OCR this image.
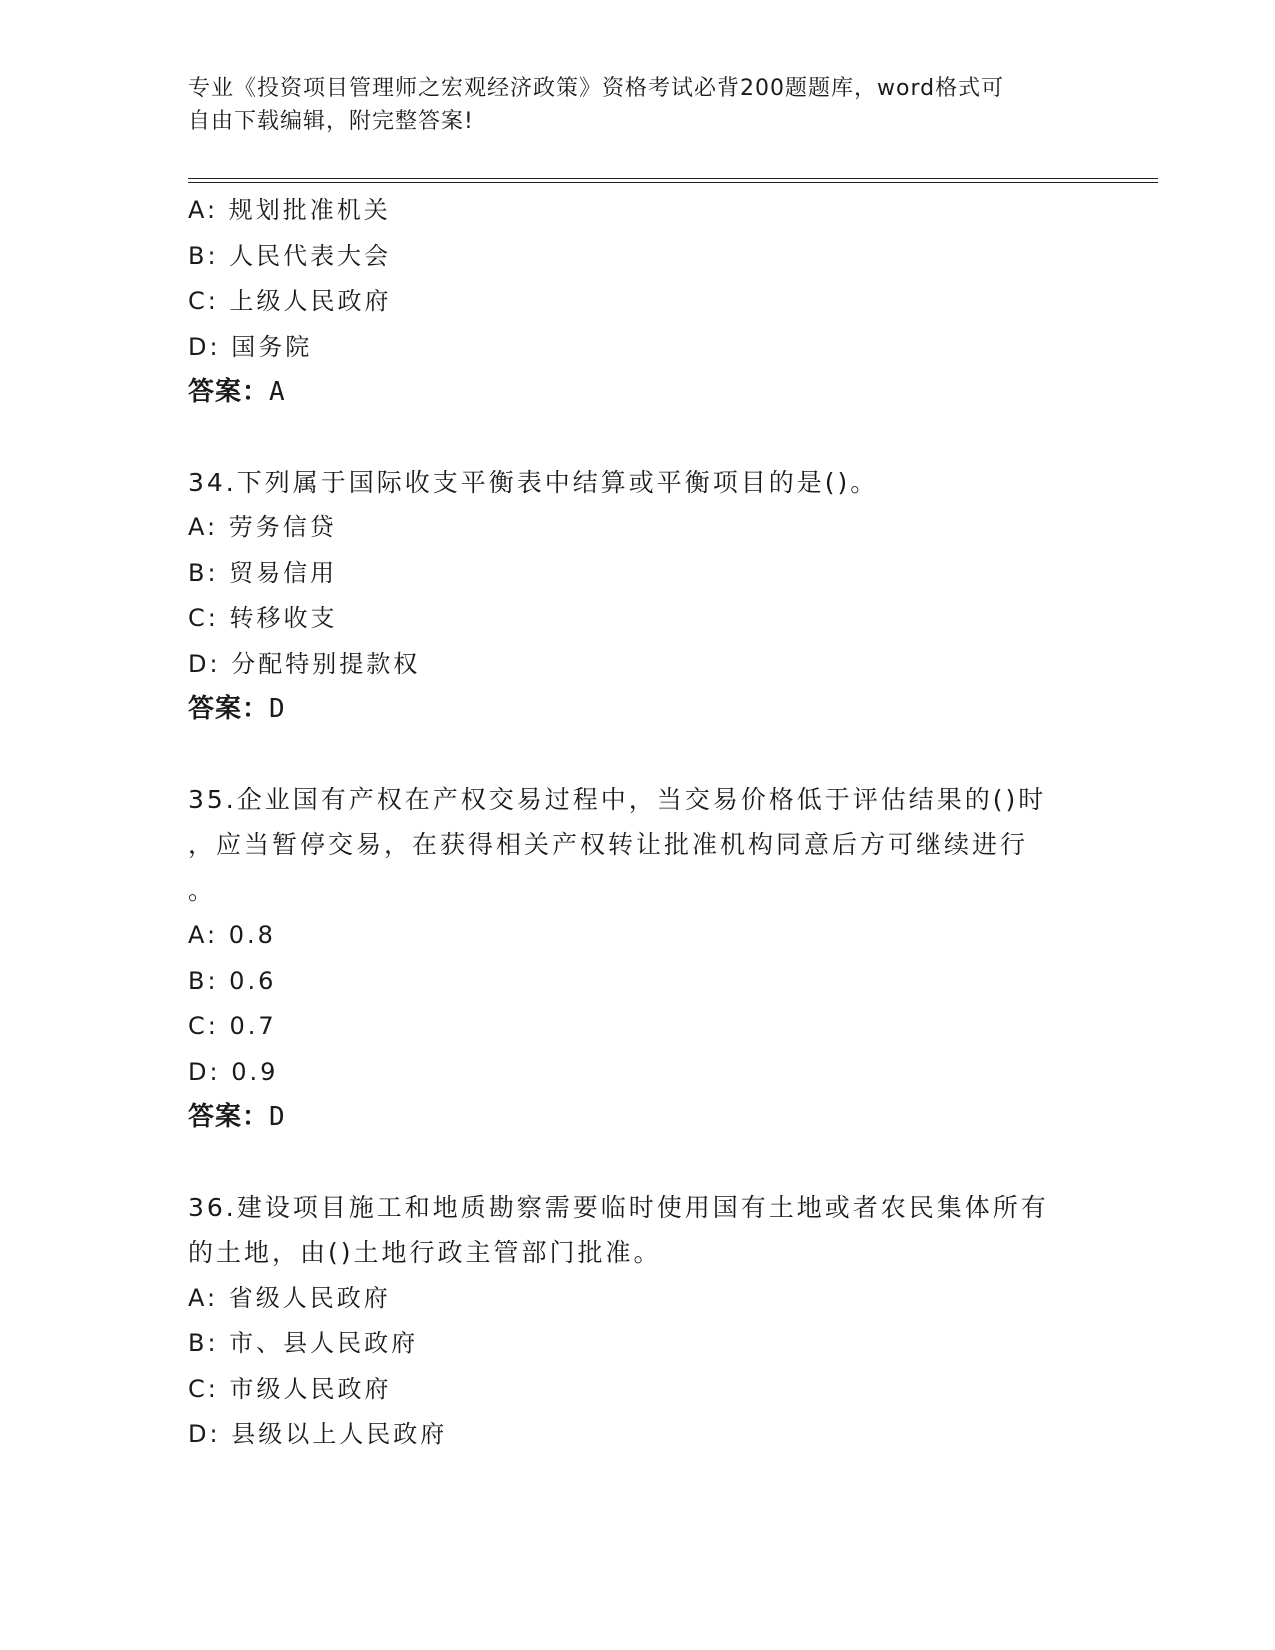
专业《投资项目管理师之宏观经济政策》资格考试必背200题题库，word格式可
自由下载编辑，附完整答案!
A: 规划批准机关
B: 人民代表大会
C: 上级人民政府
D: 国务院
答案：A
34.下列属于国际收支平衡表中结算或平衡项目的是()。
A: 劳务信贷
B: 贸易信用
C: 转移收支
D: 分配特别提款权
答案：D
35.企业国有产权在产权交易过程中，当交易价格低于评估结果的()时
，应当暂停交易，在获得相关产权转让批准机构同意后方可继续进行
。
A: 0.8
B: 0.6
C: 0.7
D: 0.9
答案：D
36.建设项目施工和地质勘察需要临时使用国有土地或者农民集体所有
的土地，由()土地行政主管部门批准。
A: 省级人民政府
B: 市、县人民政府
C: 市级人民政府
D: 县级以上人民政府
